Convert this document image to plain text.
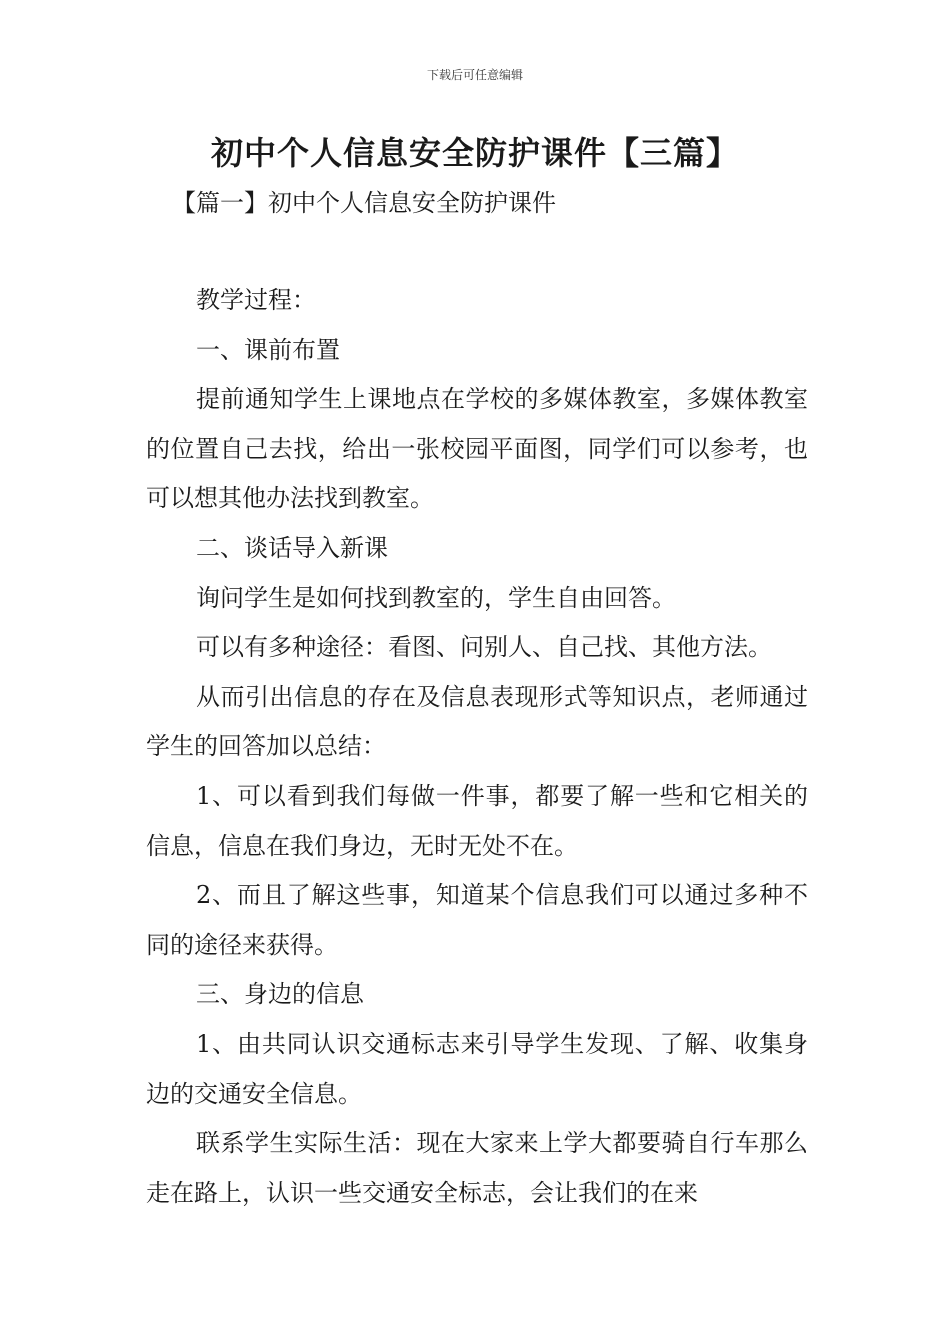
下载后可任意编辑
初中个人信息安全防护课件【三篇】
【篇一】初中个人信息安全防护课件

教学过程：

一、课前布置

提前通知学生上课地点在学校的多媒体教室，多媒体教室的位置自己去找，给出一张校园平面图，同学们可以参考，也可以想其他办法找到教室。

二、谈话导入新课

询问学生是如何找到教室的，学生自由回答。

可以有多种途径：看图、问别人、自己找、其他方法。

从而引出信息的存在及信息表现形式等知识点，老师通过学生的回答加以总结：

1、可以看到我们每做一件事，都要了解一些和它相关的信息，信息在我们身边，无时无处不在。

2、而且了解这些事，知道某个信息我们可以通过多种不同的途径来获得。

三、身边的信息

1、由共同认识交通标志来引导学生发现、了解、收集身边的交通安全信息。

联系学生实际生活：现在大家来上学大都要骑自行车那么走在路上，认识一些交通安全标志，会让我们的在来
